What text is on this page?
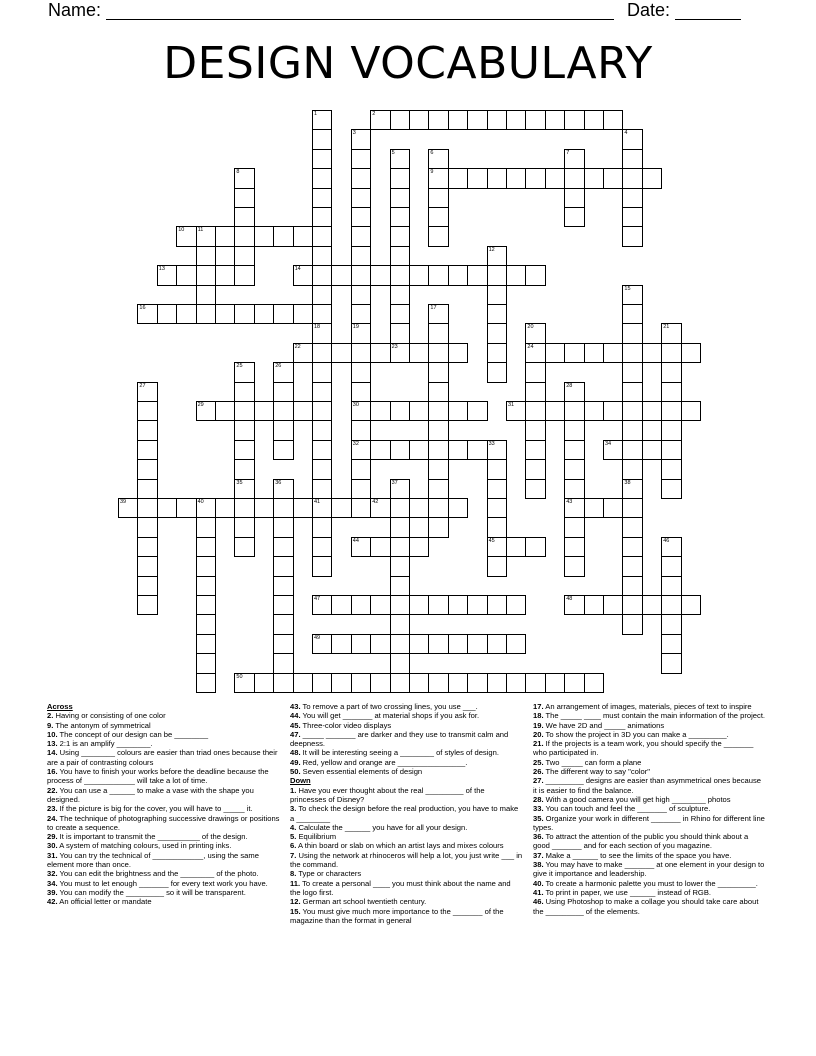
Name:	Date:
DESIGN VOCABULARY
1	2
3
19
30
32
4
5	6
9
7
8
10 11
12
13	14
15
38
16	17
18
41
20
24
21
22	23
25	26
27	28
43
29	31
33
45
34
35	36	37
39	40	42
44	46
47	48
49
50
Across
2. Having or consisting of one color
9. The antonym of symmetrical
10. The concept of our design can be ________
13. 2:1 is an amplify ________.
14. Using ________ colours are easier than triad ones because their are a pair of contrasting colours
16. You have to finish your works before the deadline because the process of ____________ will take a lot of time.
22. You can use a ______ to make a vase with the shape you designed.
23. If the picture is big for the cover, you will have to _____ it.
24. The technique of photographing successive drawings or positions to create a sequence.
29. It is important to transmit the __________ of the design.
30. A system of matching colours, used in printing inks.
31. You can try the technical of ____________, using the same element more than once.
32. You can edit the brightness and the ________ of the photo.
34. You must to let enough _______ for every text work you have.
39. You can modify the _________ so it will be transparent.
42. An official letter or mandate
43. To remove a part of two crossing lines, you use ___.
44. You will get _______ at material shops if you ask for.
45. Three-color video displays
47. _____ _______ are darker and they use to transmit calm and deepness.
48. It will be interesting seeing a ________ of styles of design.
49. Red, yellow and orange are ________________.
50. Seven essential elements of design
Down
1. Have you ever thought about the real _________ of the princesses of Disney?
3. To check the design before the real production, you have to make a ________
4. Calculate the ______ you have for all your design.
5. Equilibrium
6. A thin board or slab on which an artist lays and mixes colours
7. Using the network at rhinoceros will help a lot, you just write ___ in the command.
8. Type or characters
11. To create a personal ____ you must think about the name and the logo first.
12. German art school twentieth century.
15. You must give much more importance to the _______ of the magazine than the format in general
17. An arrangement of images, materials, pieces of text to inspire
18. The _____ ____ must contain the main information of the project.
19. We have 2D and _____ animations
20. To show the project in 3D you can make a _________.
21. If the projects is a team work, you should specify the _______ who participated in.
25. Two _____ can form a plane
26. The different way to say "color"
27. _________ designs are easier than asymmetrical ones because it is easier to find the balance.
28. With a good camera you will get high ________ photos
33. You can touch and feel the _______ of sculpture.
35. Organize your work in different _______ in Rhino for different line types.
36. To attract the attention of the public you should think about a good _______ and for each section of you magazine.
37. Make a ______ to see the limits of the space you have.
38. You may have to make _______ at one element in your design to give it importance and leadership.
40. To create a harmonic palette you must to lower the _________.
41. To print in paper, we use ______ instead of RGB.
46. Using Photoshop to make a collage you should take care about the _________ of the elements.
